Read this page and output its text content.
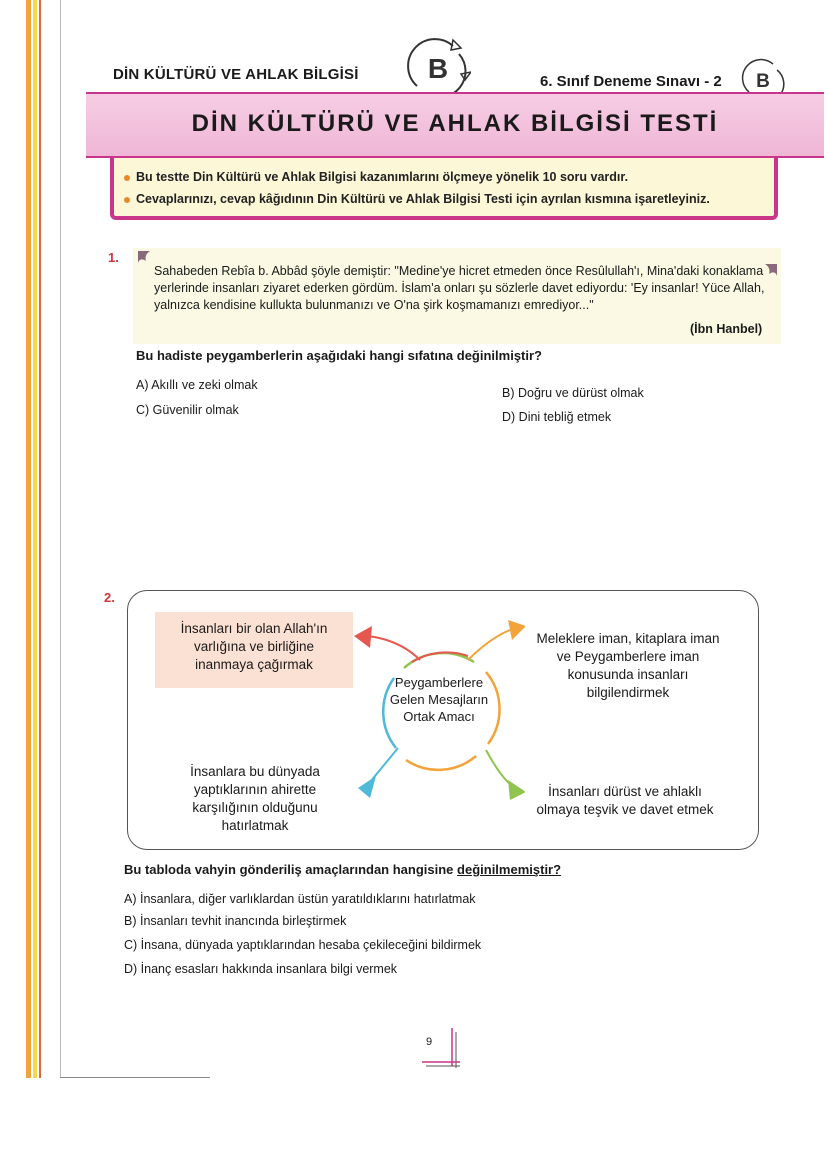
DİN KÜLTÜRÜ VE AHLAK BİLGİSİ B	6. Sınıf Deneme Sınavı - 2 B
DİN KÜLTÜRÜ VE AHLAK BİLGİSİ TESTİ
Bu testte Din Kültürü ve Ahlak Bilgisi kazanımlarını ölçmeye yönelik 10 soru vardır.
Cevaplarınızı, cevap kâğıdının Din Kültürü ve Ahlak Bilgisi Testi için ayrılan kısmına işaretleyiniz.
1.
Sahabeden Rebîa b. Abbâd şöyle demiştir: "Medine'ye hicret etmeden önce Resûlullah'ı, Mina'daki konaklama yerlerinde insanları ziyaret ederken gördüm. İslam'a onları şu sözlerle davet ediyordu: 'Ey insanlar! Yüce Allah, yalnızca kendisine kullukta bulunmanızı ve O'na şirk koşmamanızı emrediyor..."
(İbn Hanbel)
Bu hadiste peygamberlerin aşağıdaki hangi sıfatına değinilmiştir?
A) Akıllı ve zeki olmak
B) Doğru ve dürüst olmak
C) Güvenilir olmak	D) Dini tebliğ etmek
2.
İnsanları bir olan Allah'ın varlığına ve birliğine inanmaya çağırmak
Meleklere iman, kitaplara iman ve Peygamberlere iman konusunda insanları bilgilendirmek
İnsanlara bu dünyada yaptıklarının ahirette karşılığının olduğunu hatırlatmak
İnsanları dürüst ve ahlaklı olmaya teşvik ve davet etmek
Peygamberlere Gelen Mesajların Ortak Amacı
Bu tabloda vahyin gönderiliş amaçlarından hangisine değinilmemiştir?
A) İnsanlara, diğer varlıklardan üstün yaratıldıklarını hatırlatmak
B) İnsanları tevhit inancında birleştirmek
C) İnsana, dünyada yaptıklarından hesaba çekileceğini bildirmek
D) İnanç esasları hakkında insanlara bilgi vermek
9
